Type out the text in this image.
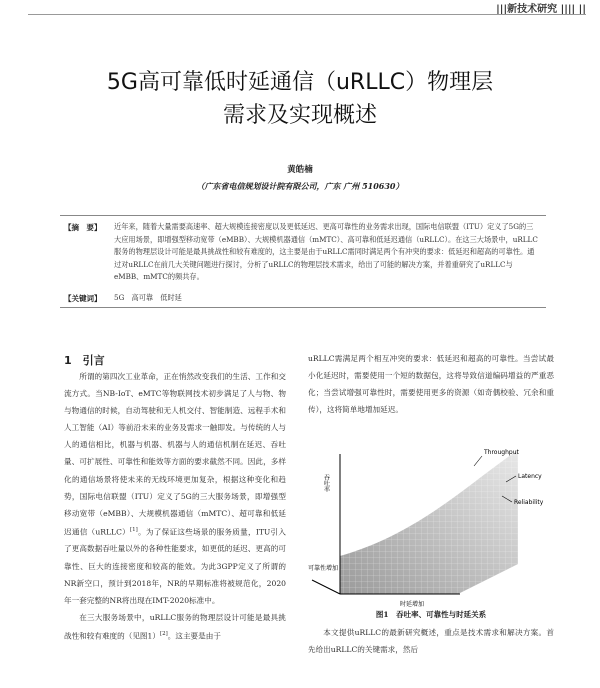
|||新技术研究 |||| ||
5G高可靠低时延通信（uRLLC）物理层
需求及实现概述
黄皓楠
（广东省电信规划设计院有限公司，广东 广州 510630）
【摘　要】 近年来，随着大量需要高速率、超大规模连接密度以及更低延迟、更高可靠性的业务需求出现，国际电信联盟（ITU）定义了5G的三大应用场景，即增强型移动宽带（eMBB）、大规模机器通信（mMTC）、高可靠和低延迟通信（uRLLC）。在这三大场景中，uRLLC服务的物理层设计可能是最具挑战性和较有难度的，这主要是由于uRLLC需同时满足两个有冲突的要求：低延迟和超高的可靠性。通过对uRLLC在前几大关键问题进行探讨，分析了uRLLC的物理层技术需求，给出了可能的解决方案，并着重研究了uRLLC与eMBB、mMTC的频共存。
【关键词】 5G　高可靠　低时延
1　引言

所谓的第四次工业革命，正在悄然改变我们的生活、工作和交流方式。当NB-IoT、eMTC等物联网技术初步满足了人与物、物与物通信的时候，自动驾驶和无人机交付、智能制造、远程手术和人工智能（AI）等前沿未来的业务及需求一触即发。与传统的人与人的通信相比，机器与机器、机器与人的通信机制在延迟、吞吐量、可扩展性、可靠性和能效等方面的要求截然不同。因此，多样化的通信场景将使未来的无线环境更加复杂，根据这种变化和趋势，国际电信联盟（ITU）定义了5G的三大服务场景，即增强型移动宽带（eMBB）、大规模机器通信（mMTC）、超可靠和低延迟通信（uRLLC）[1]。为了保证这些场景的服务质量，ITU引入了更高数据吞吐量以外的各种性能要求，如更低的延迟、更高的可靠性、巨大的连接密度和较高的能效。为此3GPP定义了所谓的NR新空口，预计到2018年，NR的早期标准将被规范化，2020年一套完整的NR将出现在IMT-2020标准中。

在三大服务场景中，uRLLC服务的物理层设计可能是最具挑战性和较有难度的（见图1）[2]。这主要是由于

uRLLC需满足两个相互冲突的要求：低延迟和超高的可靠性。当尝试最小化延迟时，需要使用一个短的数据包，这将导致信道编码增益的严重恶化；当尝试增强可靠性时，需要使用更多的资源（如奇偶校验、冗余和重传），这将简单地增加延迟。

吞吐率
可靠性增加
时延增加
Throughput
Latency
Reliability
图1　吞吐率、可靠性与时延关系

本文提供uRLLC的最新研究概述，重点是技术需求和解决方案。首先给出uRLLC的关键需求，然后
